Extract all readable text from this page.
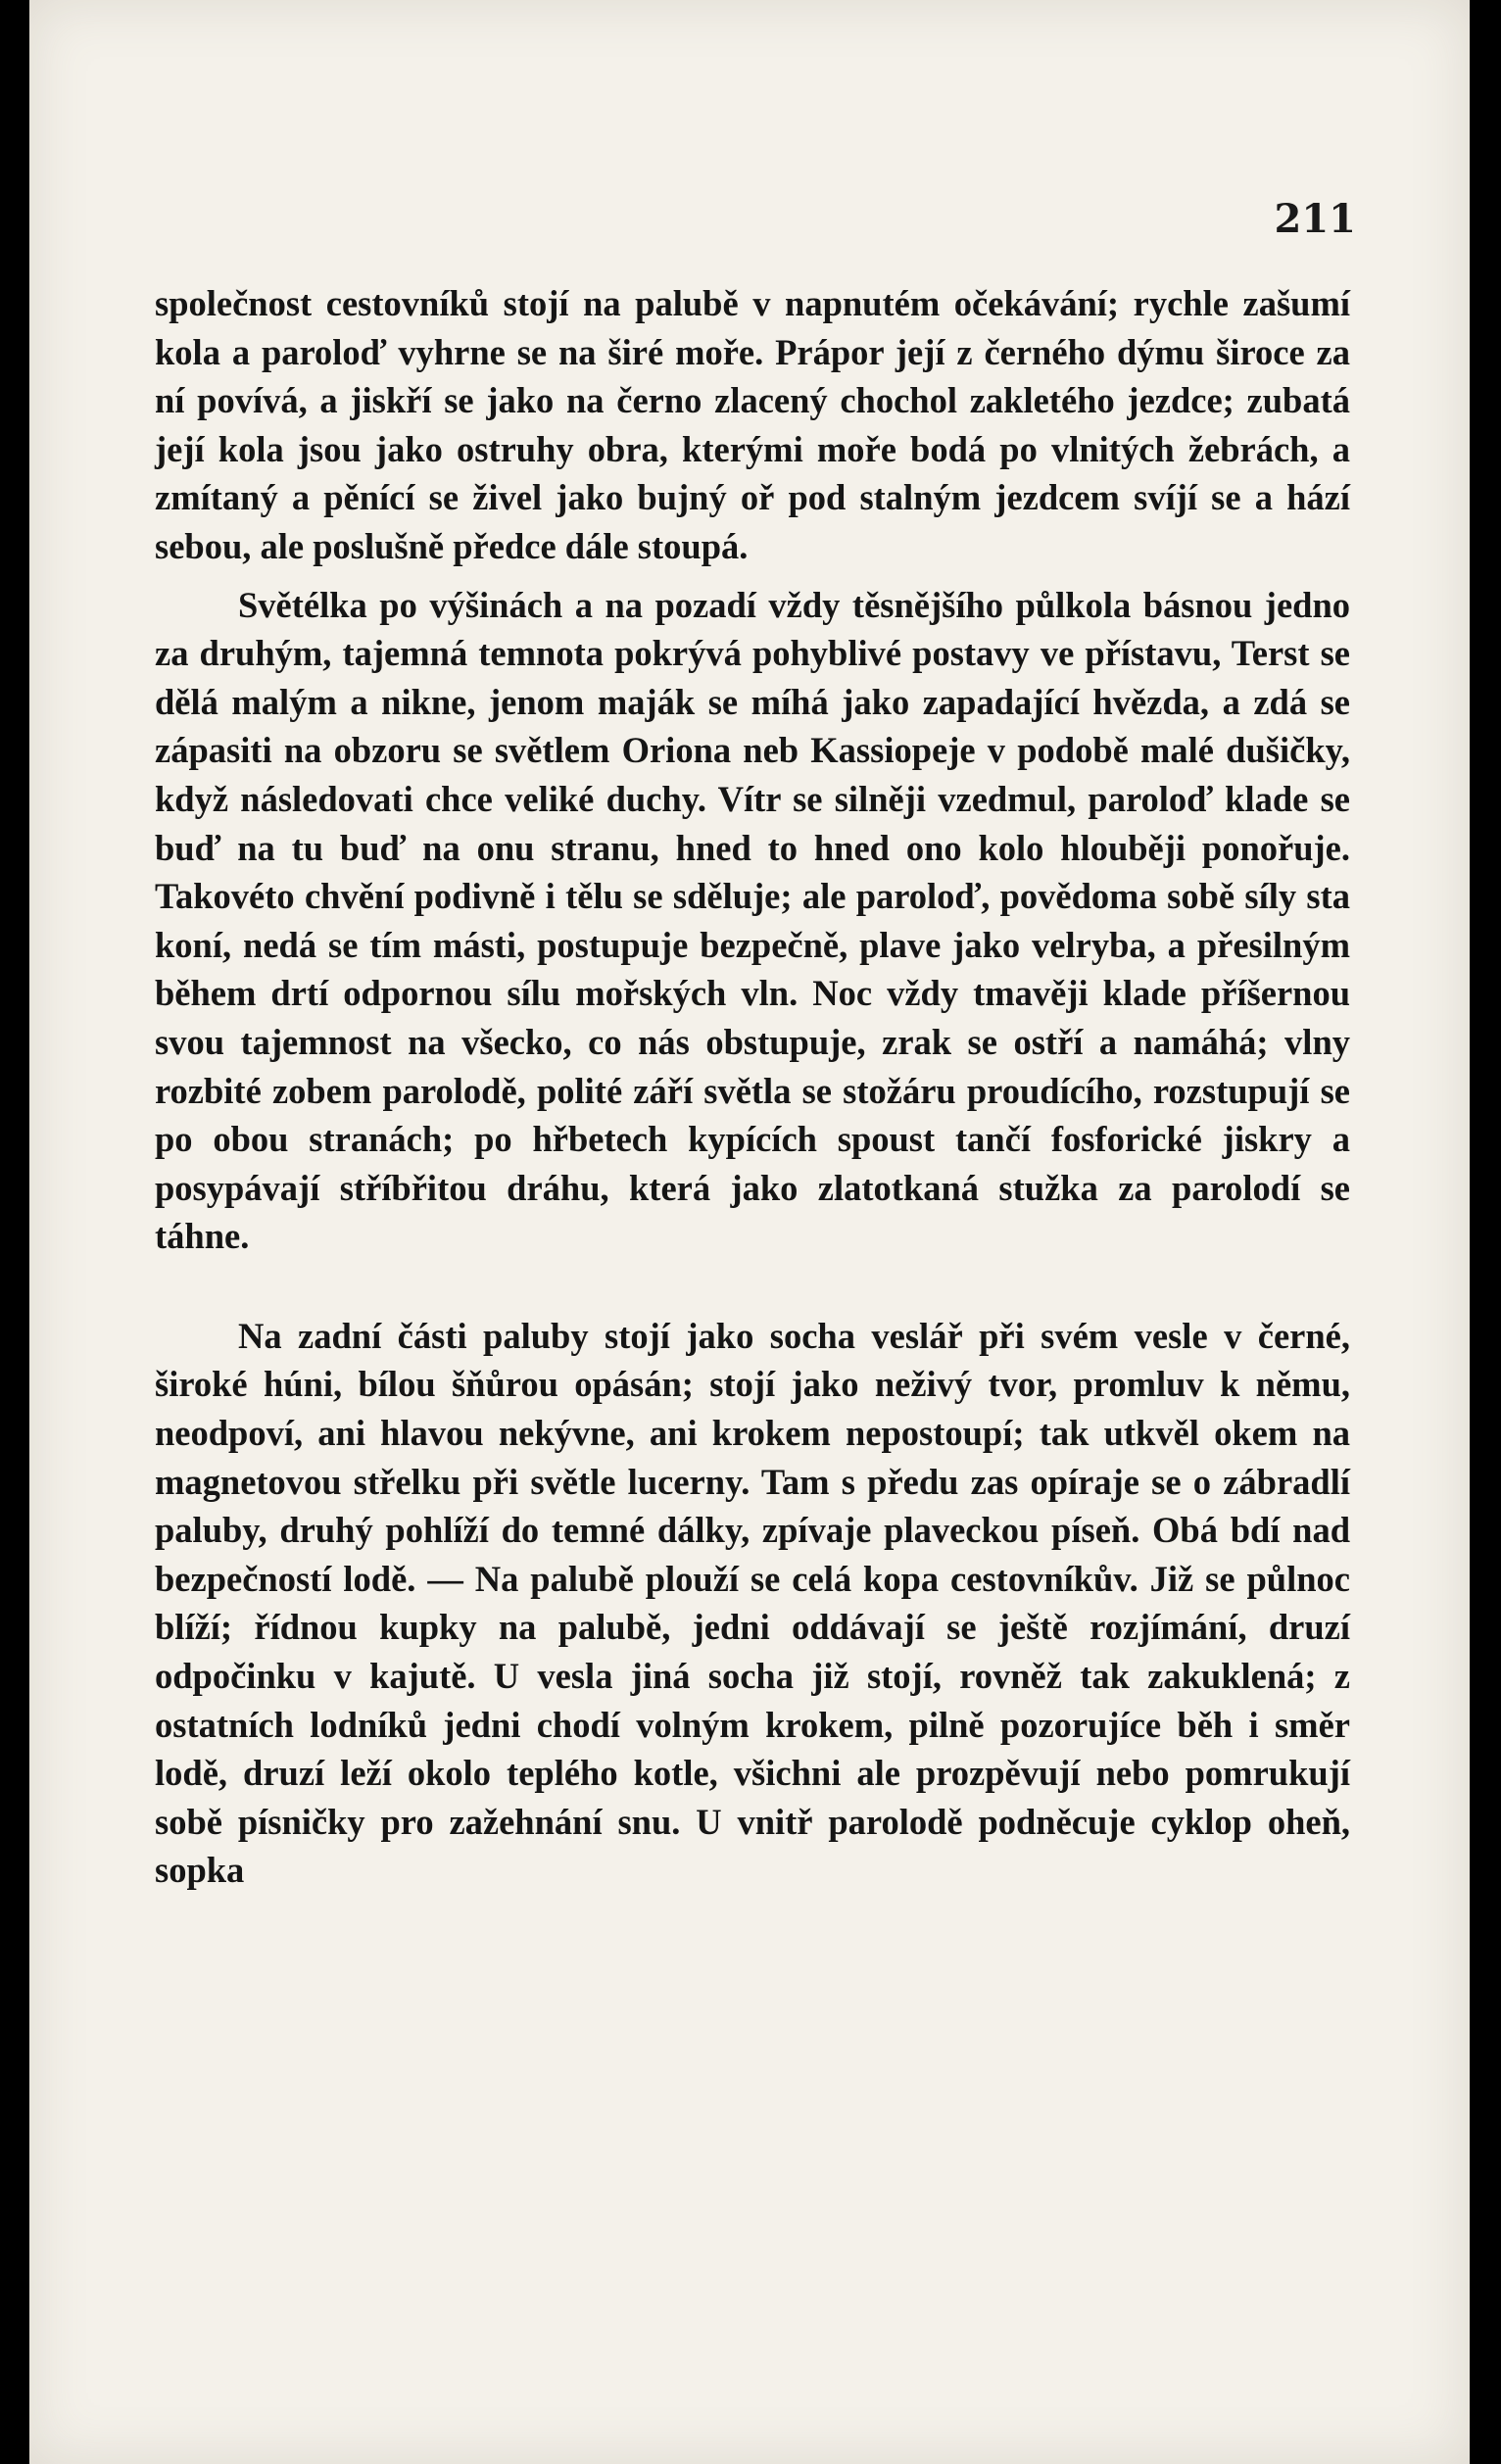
211

společnost cestovníků stojí na palubě v napnutém očekávání; rychle zašumí kola a paroloď vyhrne se na širé moře. Prápor její z černého dýmu široce za ní povívá, a jiskří se jako na černo zlacený chochol zakletého jezdce; zubatá její kola jsou jako ostruhy obra, kterými moře bodá po vlnitých žebrách, a zmítaný a pěnící se živel jako bujný oř pod stalným jezdcem svíjí se a hází sebou, ale poslušně předce dále stoupá.

Světélka po výšinách a na pozadí vždy těsnějšího půlkola básnou jedno za druhým, tajemná temnota pokrývá pohyblivé postavy ve přístavu, Terst se dělá malým a nikne, jenom maják se míhá jako zapadající hvězda, a zdá se zápasiti na obzoru se světlem Oriona neb Kassiopeje v podobě malé dušičky, když následovati chce veliké duchy. Vítr se silněji vzedmul, paroloď klade se buď na tu buď na onu stranu, hned to hned ono kolo hlouběji ponořuje. Takovéto chvění podivně i tělu se sděluje; ale paroloď, povědoma sobě síly sta koní, nedá se tím másti, postupuje bezpečně, plave jako velryba, a přesilným během drtí odpornou sílu mořských vln. Noc vždy tmavěji klade příšernou svou tajemnost na všecko, co nás obstupuje, zrak se ostří a namáhá; vlny rozbité zobem parolodě, polité září světla se stožáru proudícího, rozstupují se po obou stranách; po hřbetech kypících spoust tančí fosforické jiskry a posypávají stříbřitou dráhu, která jako zlatotkaná stužka za parolodí se táhne.

Na zadní části paluby stojí jako socha veslář při svém vesle v černé, široké húni, bílou šňůrou opásán; stojí jako neživý tvor, promluv k němu, neodpoví, ani hlavou nekývne, ani krokem nepostoupí; tak utkvěl okem na magnetovou střelku při světle lucerny. Tam s předu zas opíraje se o zábradlí paluby, druhý pohlíží do temné dálky, zpívaje plaveckou píseň. Obá bdí nad bezpečností lodě. — Na palubě plouží se celá kopa cestovníkův. Již se půlnoc blíží; řídnou kupky na palubě, jedni oddávají se ještě rozjímání, druzí odpočinku v kajutě. U vesla jiná socha již stojí, rovněž tak zakuklená; z ostatních lodníků jedni chodí volným krokem, pilně pozorujíce běh i směr lodě, druzí leží okolo teplého kotle, všichni ale prozpěvují nebo pomrukují sobě písničky pro zažehnání snu. U vnitř parolodě podněcuje cyklop oheň, sopka
